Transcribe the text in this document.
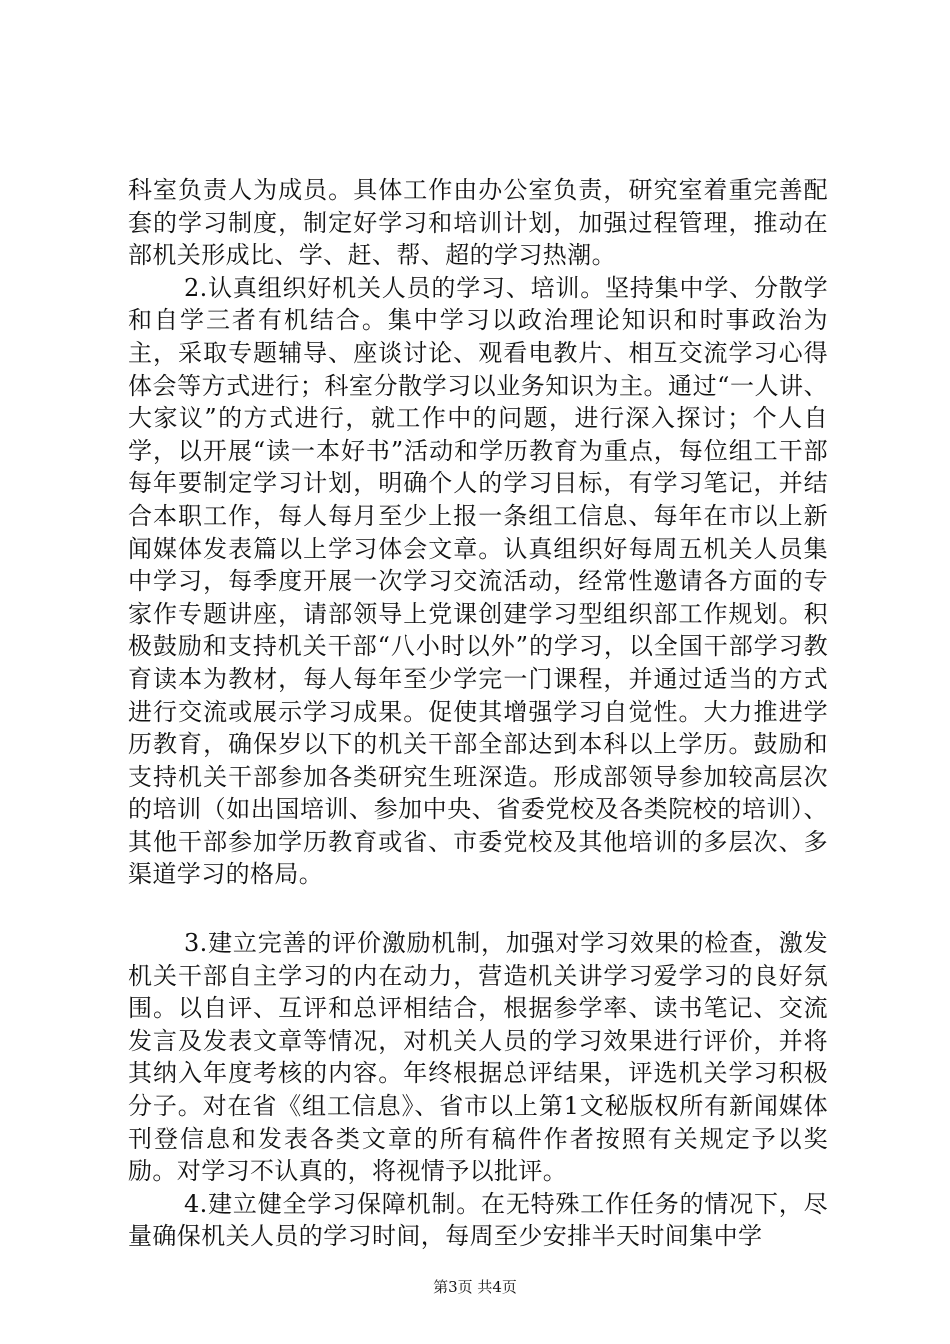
科室负责人为成员。具体工作由办公室负责，研究室着重完善配套的学习制度，制定好学习和培训计划，加强过程管理，推动在部机关形成比、学、赶、帮、超的学习热潮。

2.认真组织好机关人员的学习、培训。坚持集中学、分散学和自学三者有机结合。集中学习以政治理论知识和时事政治为主，采取专题辅导、座谈讨论、观看电教片、相互交流学习心得体会等方式进行；科室分散学习以业务知识为主。通过“一人讲、大家议”的方式进行，就工作中的问题，进行深入探讨；个人自学，以开展“读一本好书”活动和学历教育为重点，每位组工干部每年要制定学习计划，明确个人的学习目标，有学习笔记，并结合本职工作，每人每月至少上报一条组工信息、每年在市以上新闻媒体发表篇以上学习体会文章。认真组织好每周五机关人员集中学习，每季度开展一次学习交流活动，经常性邀请各方面的专家作专题讲座，请部领导上党课创建学习型组织部工作规划。积极鼓励和支持机关干部“八小时以外”的学习，以全国干部学习教育读本为教材，每人每年至少学完一门课程，并通过适当的方式进行交流或展示学习成果。促使其增强学习自觉性。大力推进学历教育，确保岁以下的机关干部全部达到本科以上学历。鼓励和支持机关干部参加各类研究生班深造。形成部领导参加较高层次的培训（如出国培训、参加中央、省委党校及各类院校的培训）、其他干部参加学历教育或省、市委党校及其他培训的多层次、多渠道学习的格局。

3.建立完善的评价激励机制，加强对学习效果的检查，激发机关干部自主学习的内在动力，营造机关讲学习爱学习的良好氛围。以自评、互评和总评相结合，根据参学率、读书笔记、交流发言及发表文章等情况，对机关人员的学习效果进行评价，并将其纳入年度考核的内容。年终根据总评结果，评选机关学习积极分子。对在省《组工信息》、省市以上第1文秘版权所有新闻媒体刊登信息和发表各类文章的所有稿件作者按照有关规定予以奖励。对学习不认真的，将视情予以批评。

4.建立健全学习保障机制。在无特殊工作任务的情况下，尽量确保机关人员的学习时间，每周至少安排半天时间集中学

第3页 共4页
